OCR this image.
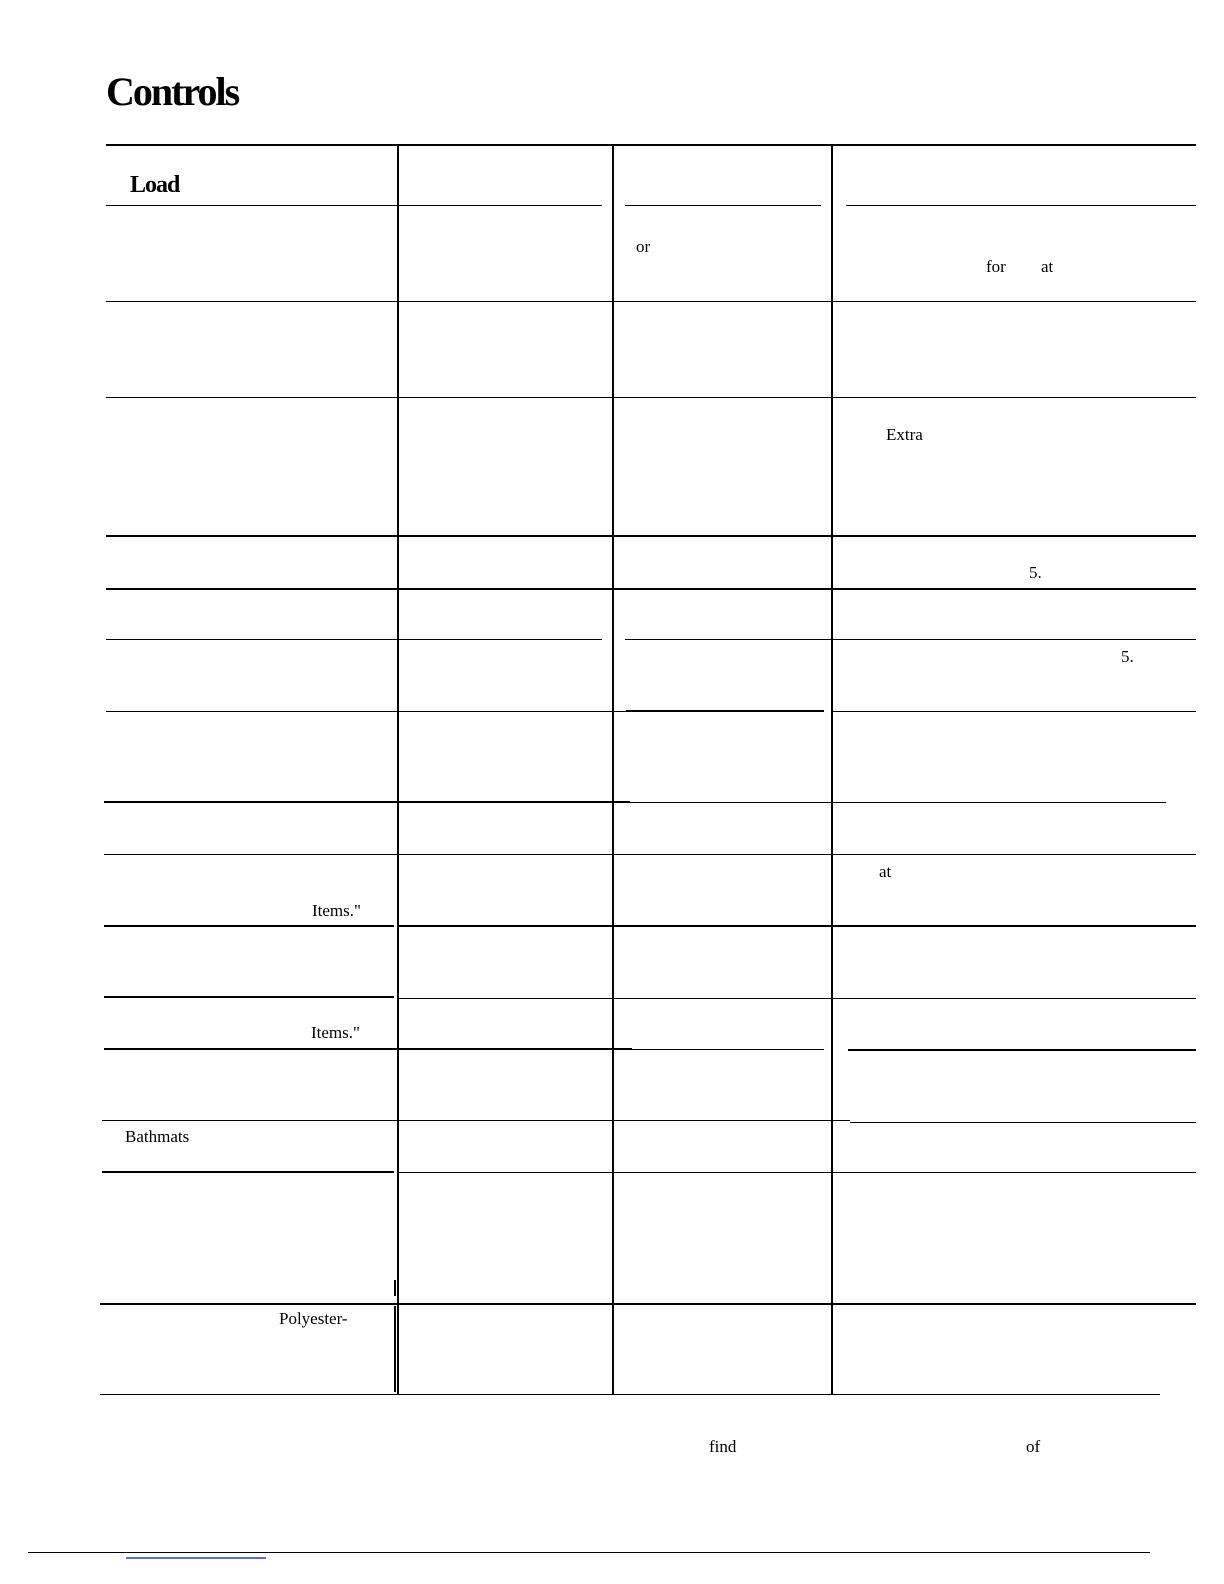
Controls
Load
or
for at
Extra
5.
5.
at
Items."
Items."
Bathmats
Polyester-
find	of
